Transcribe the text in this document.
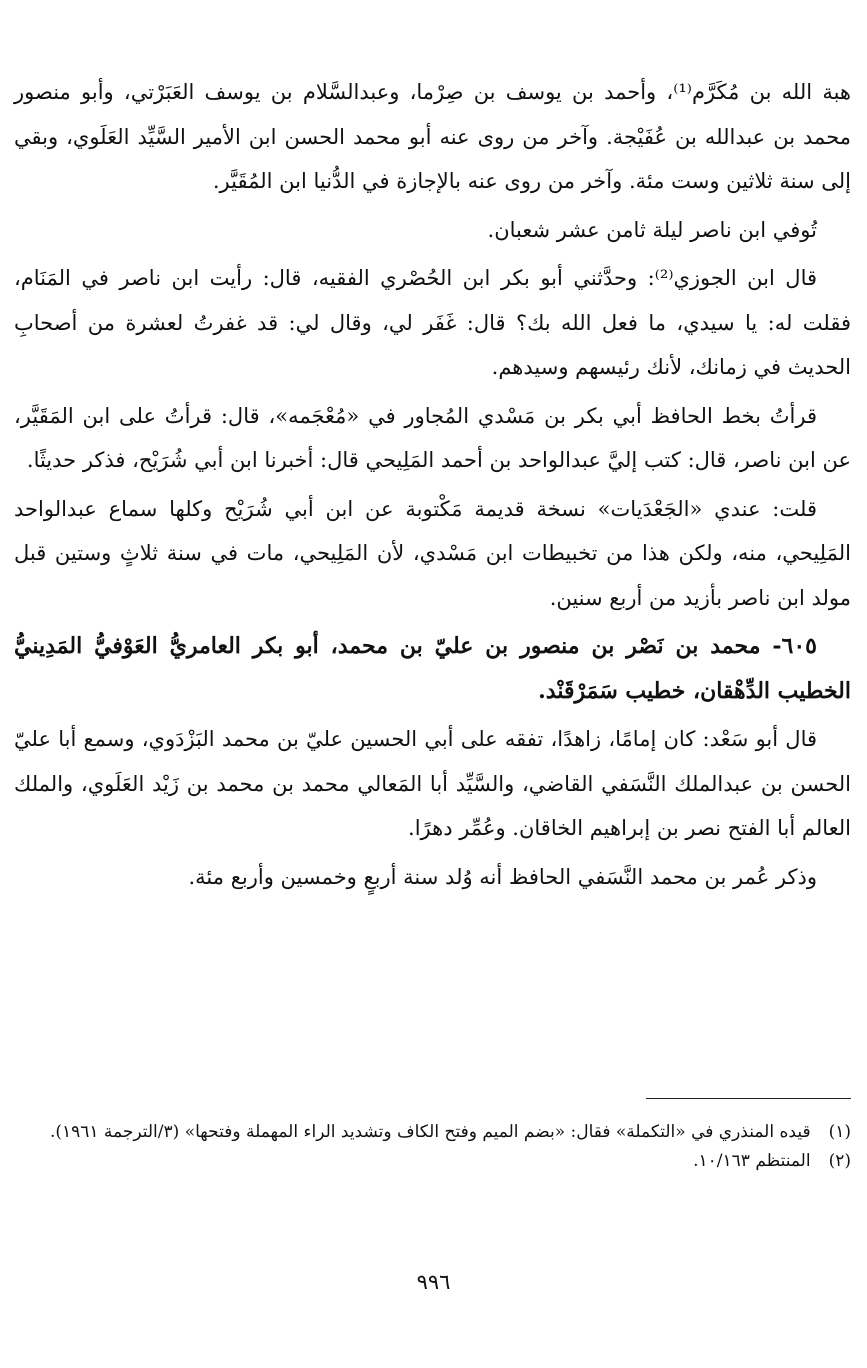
هبة الله بن مُكَرَّم⁽¹⁾، وأحمد بن يوسف بن صِرْما، وعبدالسَّلام بن يوسف العَبَرْتي، وأبو منصور محمد بن عبدالله بن عُفَيْجة. وآخر من روى عنه أبو محمد الحسن ابن الأمير السَّيِّد العَلَوي، وبقي إلى سنة ثلاثين وست مئة. وآخر من روى عنه بالإجازة في الدُّنيا ابن المُقَيَّر.

تُوفي ابن ناصر ليلة ثامن عشر شعبان.

قال ابن الجوزي⁽²⁾: وحدَّثني أبو بكر ابن الحُصْري الفقيه، قال: رأيت ابن ناصر في المَنَام، فقلت له: يا سيدي، ما فعل الله بك؟ قال: غَفَر لي، وقال لي: قد غفرتُ لعشرة من أصحابِ الحديث في زمانك، لأنك رئيسهم وسيدهم.

قرأتُ بخط الحافظ أبي بكر بن مَسْدي المُجاور في «مُعْجَمه»، قال: قرأتُ على ابن المَقَيَّر، عن ابن ناصر، قال: كتب إليَّ عبدالواحد بن أحمد المَلِيحي قال: أخبرنا ابن أبي شُرَيْح، فذكر حديثًا.

قلت: عندي «الجَعْدَيات» نسخة قديمة مَكْتوبة عن ابن أبي شُرَيْح وكلها سماع عبدالواحد المَلِيحي، منه، ولكن هذا من تخبيطات ابن مَسْدي، لأن المَلِيحي، مات في سنة ثلاثٍ وستين قبل مولد ابن ناصر بأزيد من أربع سنين.

٦٠٥- محمد بن نَصْر بن منصور بن عليّ بن محمد، أبو بكر العامريُّ العَوْفيُّ المَدِينيُّ الخطيب الدِّهْقان، خطيب سَمَرْقَنْد.

قال أبو سَعْد: كان إمامًا، زاهدًا، تفقه على أبي الحسين عليّ بن محمد البَزْدَوي، وسمع أبا عليّ الحسن بن عبدالملك النَّسَفي القاضي، والسَّيِّد أبا المَعالي محمد بن محمد بن زَيْد العَلَوي، والملك العالم أبا الفتح نصر بن إبراهيم الخاقان. وعُمِّر دهرًا.

وذكر عُمر بن محمد النَّسَفي الحافظ أنه وُلد سنة أربعٍ وخمسين وأربع مئة.

(١)قيده المنذري في «التكملة» فقال: «بضم الميم وفتح الكاف وتشديد الراء المهملة وفتحها» (٣/الترجمة ١٩٦١).

(٢)المنتظم ١٠/١٦٣.

٩٩٦
